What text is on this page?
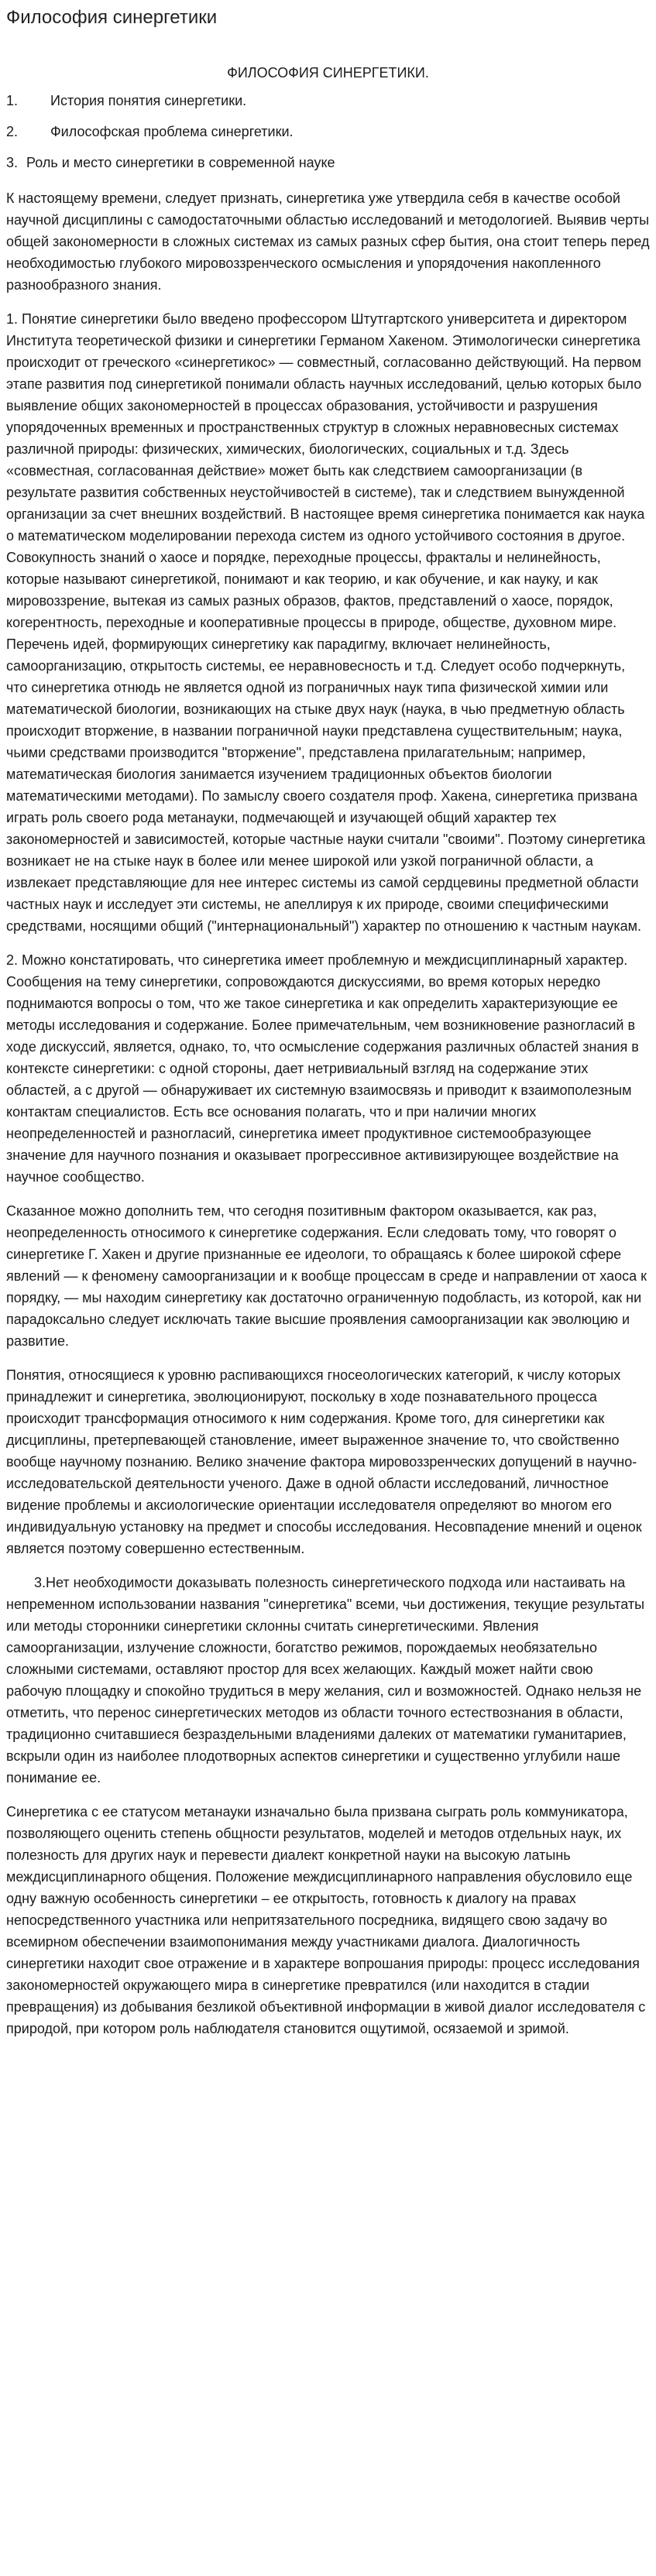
Философия синергетики

ФИЛОСОФИЯ СИНЕРГЕТИКИ.

1.	История понятия синергетики.
2.	Философская проблема синергетики.
3. Роль и место синергетики в современной науке

К настоящему времени, следует признать, синергетика уже утвердила себя в качестве особой научной дисциплины с самодостаточными областью исследований и методологией. Выявив черты общей закономерности в сложных системах из самых разных сфер бытия, она стоит теперь перед необходимостью глубокого мировоззренческого осмысления и упорядочения накопленного разнообразного знания.

1. Понятие синергетики было введено профессором Штутгартского университета и директором Института теоретической физики и синергетики Германом Хакеном. Этимологически синергетика происходит от греческого «синергетикос» — совместный, согласованно действующий. На первом этапе развития под синергетикой понимали область научных исследований, целью которых было выявление общих закономерностей в процессах образования, устойчивости и разрушения упорядоченных временных и пространственных структур в сложных неравновесных системах различной природы: физических, химических, биологических, социальных и т.д. Здесь «совместная, согласованная действие» может быть как следствием самоорганизации (в результате развития собственных неустойчивостей в системе), так и следствием вынужденной организации за счет внешних воздействий. В настоящее время синергетика понимается как наука о математическом моделировании перехода систем из одного устойчивого состояния в другое. Совокупность знаний о хаосе и порядке, переходные процессы, фракталы и нелинейность, которые называют синергетикой, понимают и как теорию, и как обучение, и как науку, и как мировоззрение, вытекая из самых разных образов, фактов, представлений о хаосе, порядок, когерентность, переходные и кооперативные процессы в природе, обществе, духовном мире. Перечень идей, формирующих синергетику как парадигму, включает нелинейность, самоорганизацию, открытость системы, ее неравновесность и т.д. Следует особо подчеркнуть, что синергетика отнюдь не является одной из пограничных наук типа физической химии или математической биологии, возникающих на стыке двух наук (наука, в чью предметную область происходит вторжение, в названии пограничной науки представлена существительным; наука, чьими средствами производится "вторжение", представлена прилагательным; например, математическая биология занимается изучением традиционных объектов биологии математическими методами). По замыслу своего создателя проф. Хакена, синергетика призвана играть роль своего рода метанауки, подмечающей и изучающей общий характер тех закономерностей и зависимостей, которые частные науки считали "своими". Поэтому синергетика возникает не на стыке наук в более или менее широкой или узкой пограничной области, а извлекает представляющие для нее интерес системы из самой сердцевины предметной области частных наук и исследует эти системы, не апеллируя к их природе, своими специфическими средствами, носящими общий ("интернациональный") характер по отношению к частным наукам.

2. Можно констатировать, что синергетика имеет проблемную и междисциплинарный характер. Сообщения на тему синергетики, сопровождаются дискуссиями, во время которых нередко поднимаются вопросы о том, что же такое синергетика и как определить характеризующие ее методы исследования и содержание. Более примечательным, чем возникновение разногласий в ходе дискуссий, является, однако, то, что осмысление содержания различных областей знания в контексте синергетики: с одной стороны, дает нетривиальный взгляд на содержание этих областей, а с другой — обнаруживает их системную взаимосвязь и приводит к взаимополезным контактам специалистов. Есть все основания полагать, что и при наличии многих неопределенностей и разногласий, синергетика имеет продуктивное системообразующее значение для научного познания и оказывает прогрессивное активизирующее воздействие на научное сообщество.

Сказанное можно дополнить тем, что сегодня позитивным фактором оказывается, как раз, неопределенность относимого к синергетике содержания. Если следовать тому, что говорят о синергетике Г. Хакен и другие признанные ее идеологи, то обращаясь к более широкой сфере явлений — к феномену самоорганизации и к вообще процессам в среде и направлении от хаоса к порядку, — мы находим синергетику как достаточно ограниченную подобласть, из которой, как ни парадоксально следует исключать такие высшие проявления самоорганизации как эволюцию и развитие.

Понятия, относящиеся к уровню распивающихся гносеологических категорий, к числу которых принадлежит и синергетика, эволюционируют, поскольку в ходе познавательного процесса происходит трансформация относимого к ним содержания. Кроме того, для синергетики как дисциплины, претерпевающей становление, имеет выраженное значение то, что свойственно вообще научному познанию. Велико значение фактора мировоззренческих допущений в научно-исследовательской деятельности ученого. Даже в одной области исследований, личностное видение проблемы и аксиологические ориентации исследователя определяют во многом его индивидуальную установку на предмет и способы исследования. Несовпадение мнений и оценок является поэтому совершенно естественным.

3.Нет необходимости доказывать полезность синергетического подхода или настаивать на непременном использовании названия "синергетика" всеми, чьи достижения, текущие результаты или методы сторонники синергетики склонны считать синергетическими. Явления самоорганизации, излучение сложности, богатство режимов, порождаемых необязательно сложными системами, оставляют простор для всех желающих. Каждый может найти свою рабочую площадку и спокойно трудиться в меру желания, сил и возможностей. Однако нельзя не отметить, что перенос синергетических методов из области точного естествознания в области, традиционно считавшиеся безраздельными владениями далеких от математики гуманитариев, вскрыли один из наиболее плодотворных аспектов синергетики и существенно углубили наше понимание ее.

Синергетика с ее статусом метанауки изначально была призвана сыграть роль коммуникатора, позволяющего оценить степень общности результатов, моделей и методов отдельных наук, их полезность для других наук и перевести диалект конкретной науки на высокую латынь междисциплинарного общения. Положение междисциплинарного направления обусловило еще одну важную особенность синергетики – ее открытость, готовность к диалогу на правах непосредственного участника или непритязательного посредника, видящего свою задачу во всемирном обеспечении взаимопонимания между участниками диалога. Диалогичность синергетики находит свое отражение и в характере вопрошания природы: процесс исследования закономерностей окружающего мира в синергетике превратился (или находится в стадии превращения) из добывания безликой объективной информации в живой диалог исследователя с природой, при котором роль наблюдателя становится ощутимой, осязаемой и зримой.
